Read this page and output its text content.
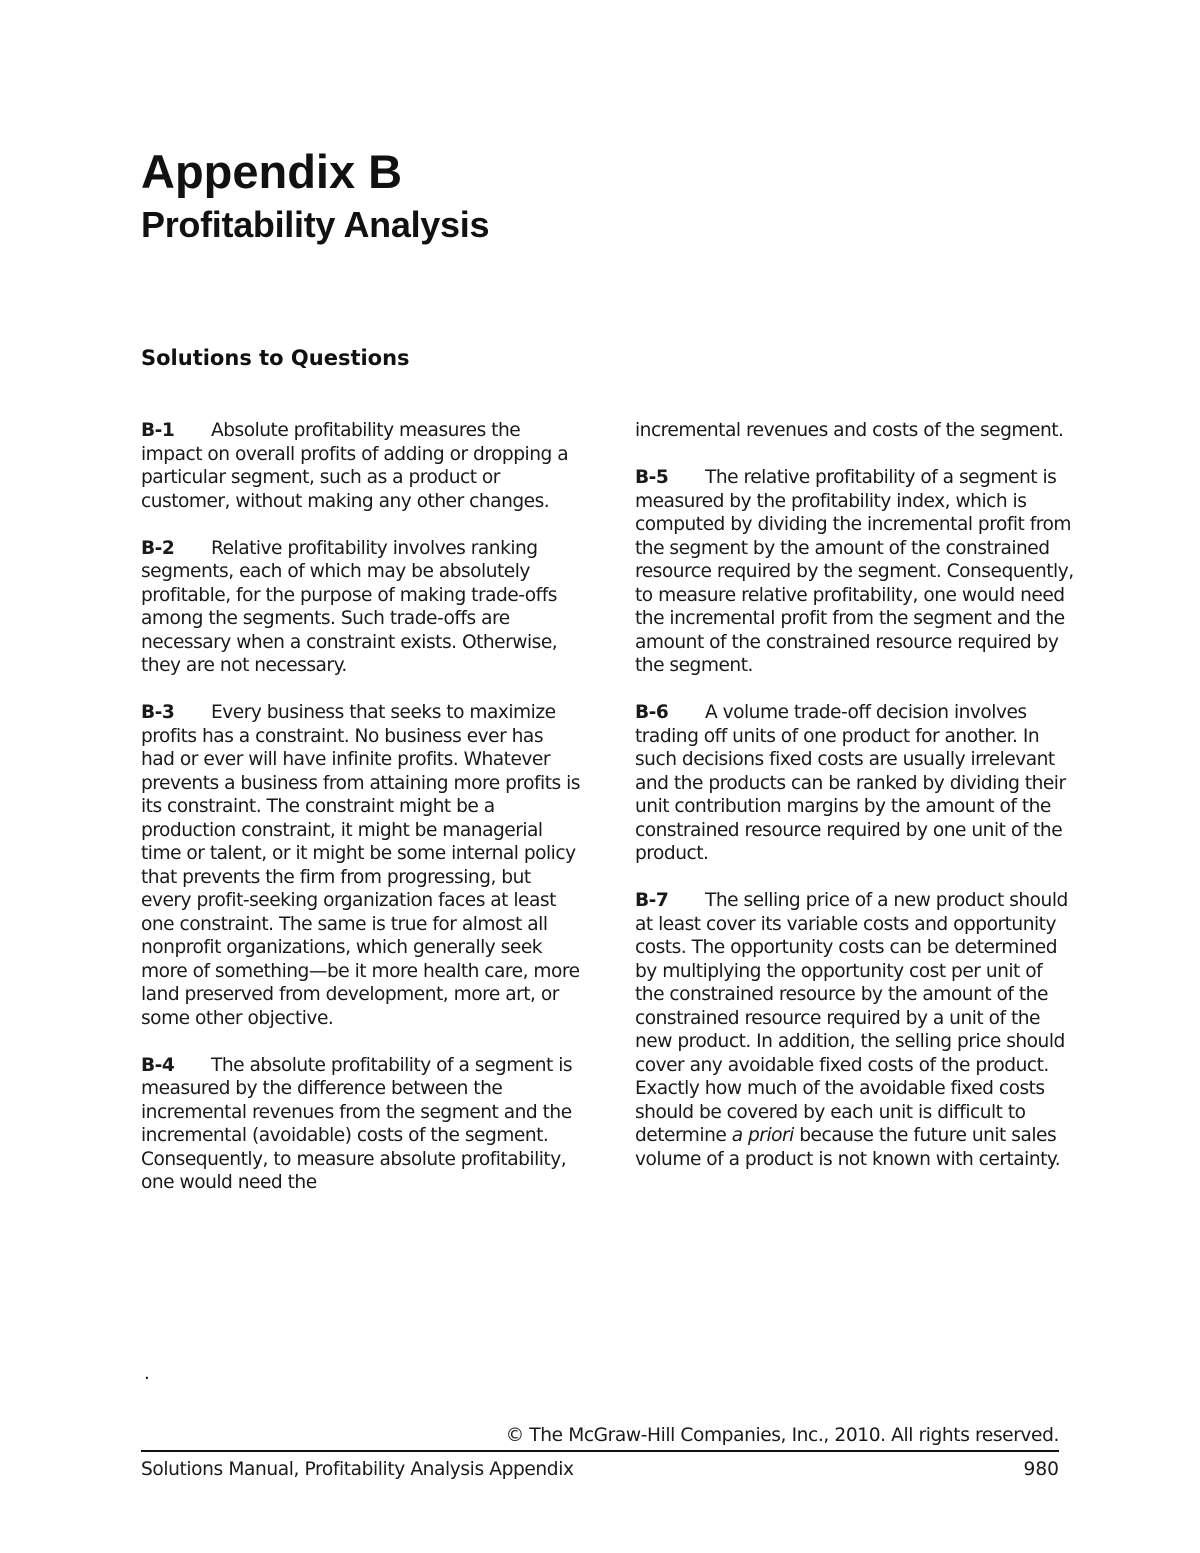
Appendix B
Profitability Analysis
Solutions to Questions

B-1 Absolute profitability measures the impact on overall profits of adding or dropping a particular segment, such as a product or customer, without making any other changes.

B-2 Relative profitability involves ranking segments, each of which may be absolutely profitable, for the purpose of making trade-offs among the segments. Such trade-offs are necessary when a constraint exists. Otherwise, they are not necessary.

B-3 Every business that seeks to maximize profits has a constraint. No business ever has had or ever will have infinite profits. Whatever prevents a business from attaining more profits is its constraint. The constraint might be a production constraint, it might be managerial time or talent, or it might be some internal policy that prevents the firm from progressing, but every profit-seeking organization faces at least one constraint. The same is true for almost all nonprofit organizations, which generally seek more of something—be it more health care, more land preserved from development, more art, or some other objective.

B-4 The absolute profitability of a segment is measured by the difference between the incremental revenues from the segment and the incremental (avoidable) costs of the segment. Consequently, to measure absolute profitability, one would need the

incremental revenues and costs of the segment.

B-5 The relative profitability of a segment is measured by the profitability index, which is computed by dividing the incremental profit from the segment by the amount of the constrained resource required by the segment. Consequently, to measure relative profitability, one would need the incremental profit from the segment and the amount of the constrained resource required by the segment.

B-6 A volume trade-off decision involves trading off units of one product for another. In such decisions fixed costs are usually irrelevant and the products can be ranked by dividing their unit contribution margins by the amount of the constrained resource required by one unit of the product.

B-7 The selling price of a new product should at least cover its variable costs and opportunity costs. The opportunity costs can be determined by multiplying the opportunity cost per unit of the constrained resource by the amount of the constrained resource required by a unit of the new product. In addition, the selling price should cover any avoidable fixed costs of the product. Exactly how much of the avoidable fixed costs should be covered by each unit is difficult to determine a priori because the future unit sales volume of a product is not known with certainty.

.
© The McGraw-Hill Companies, Inc., 2010. All rights reserved.
Solutions Manual, Profitability Analysis Appendix	980
